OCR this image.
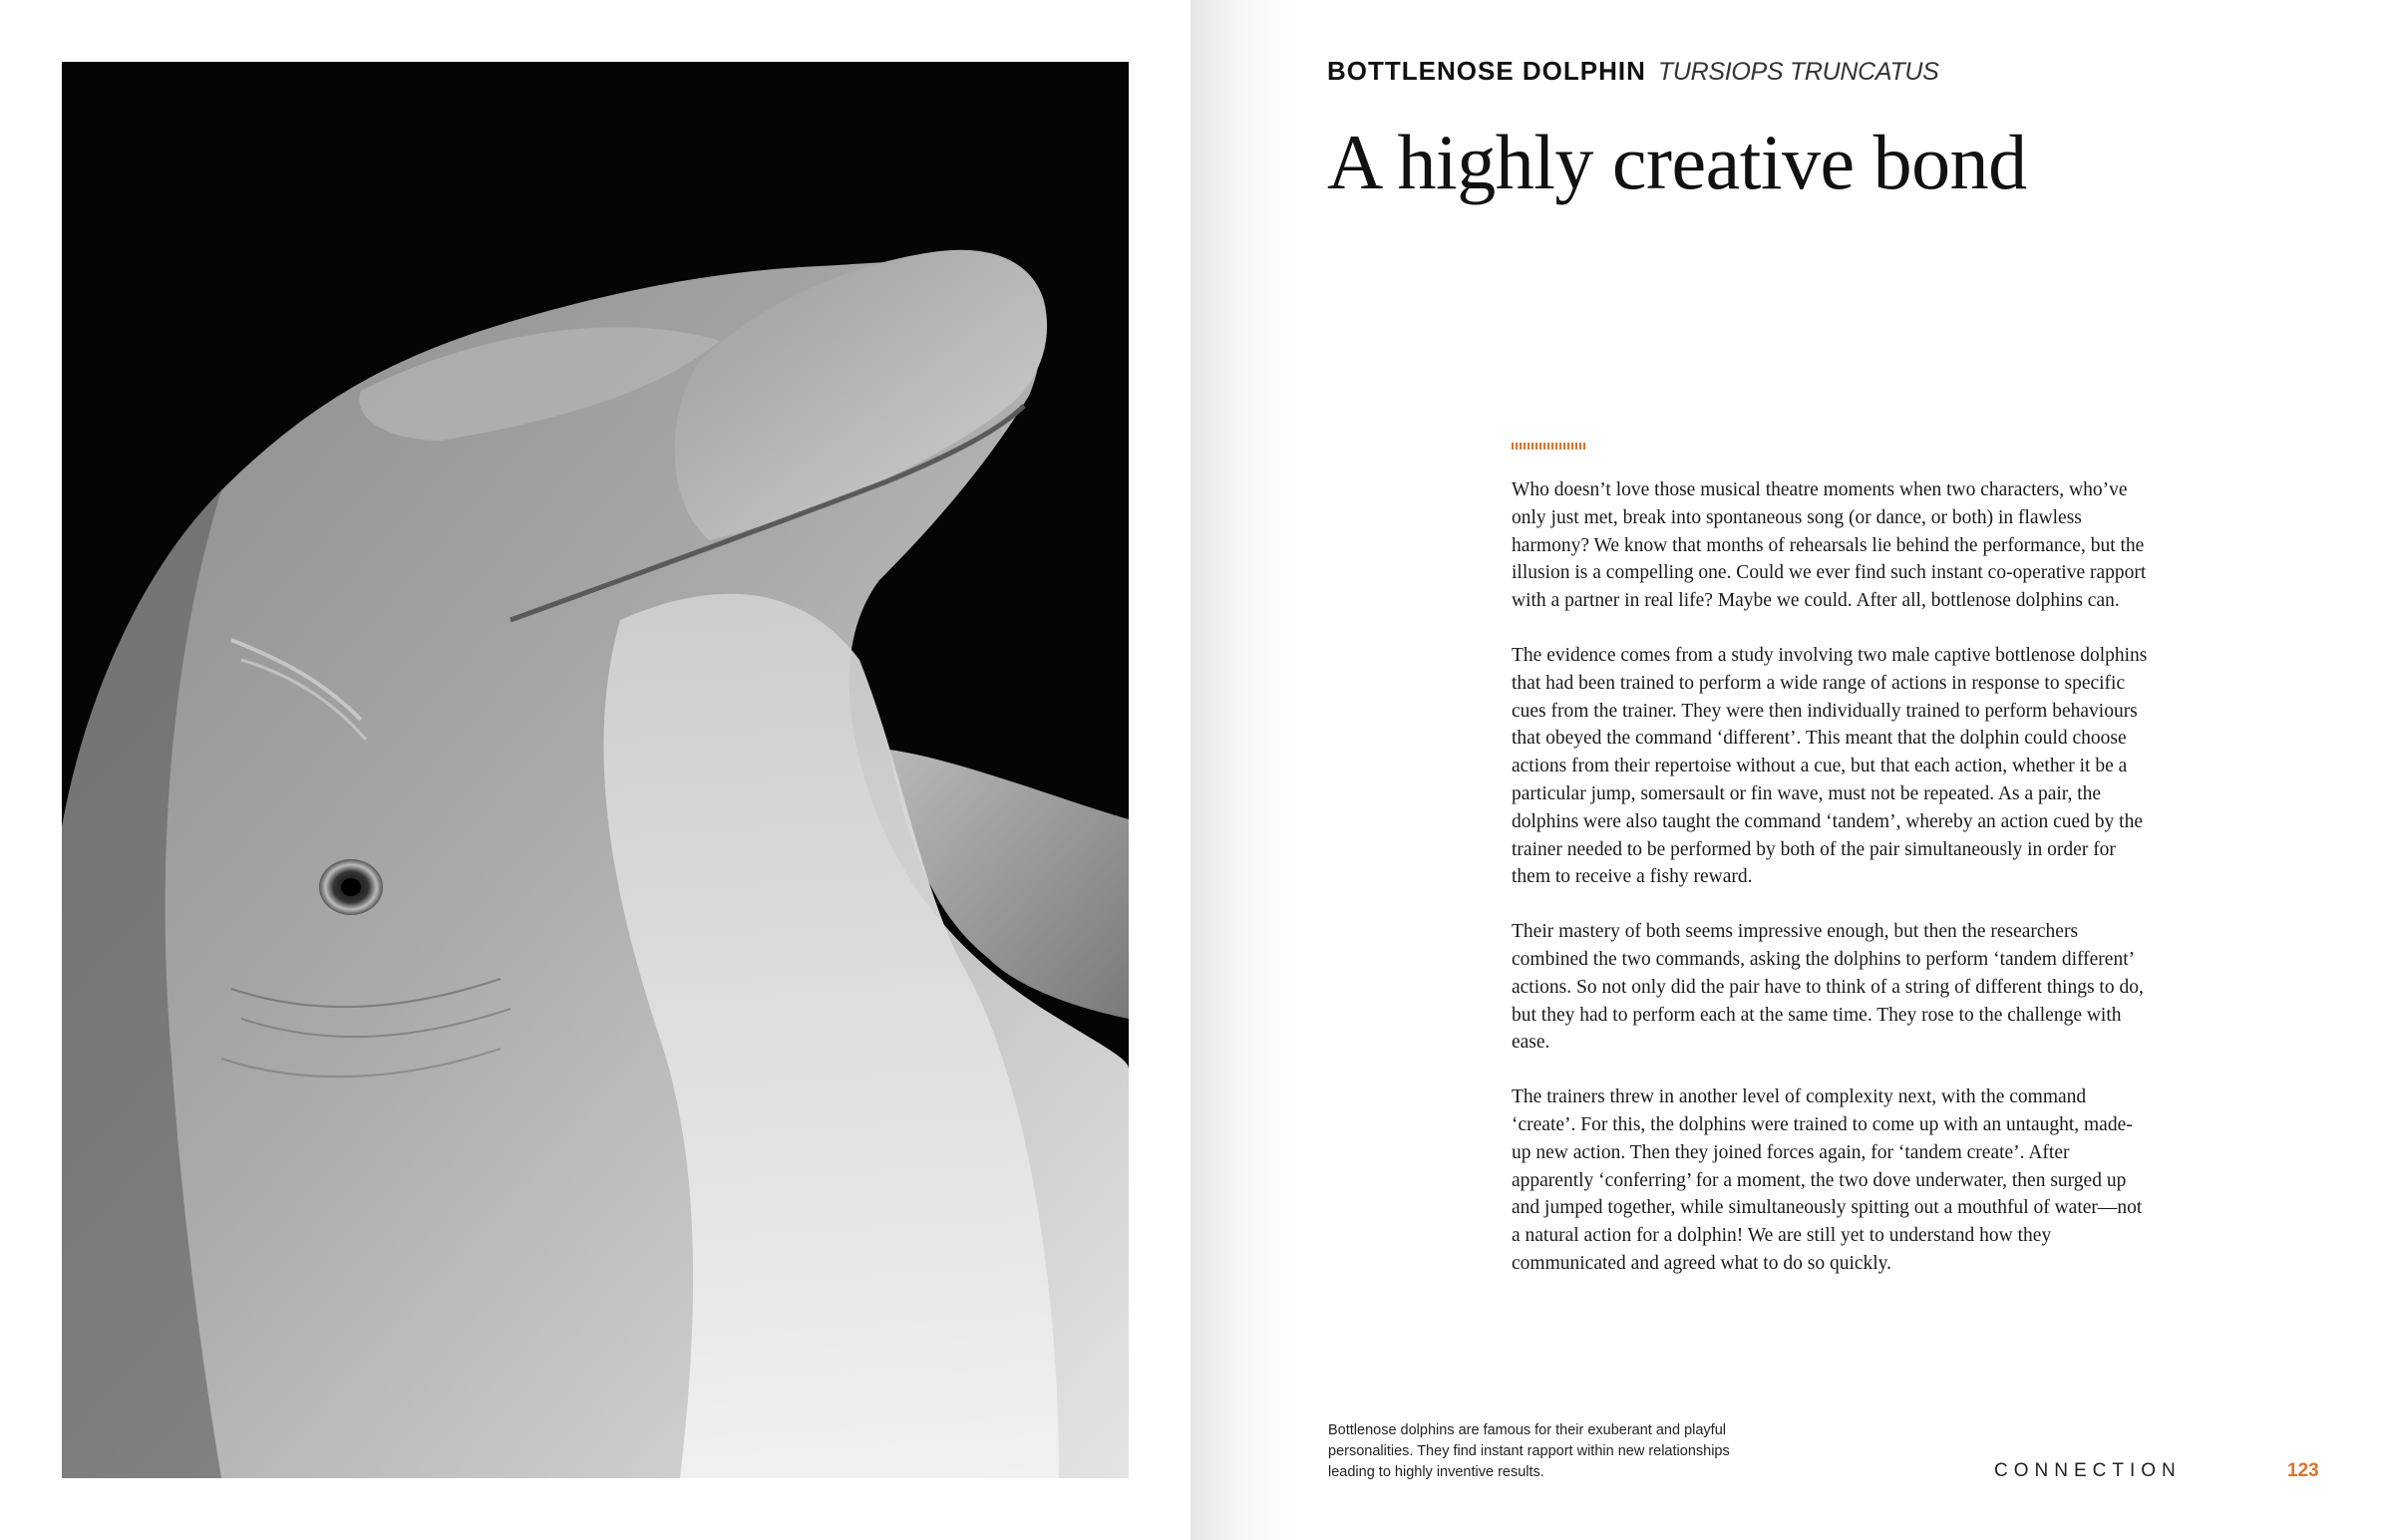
BOTTLENOSE DOLPHIN TURSIOPS TRUNCATUS
A highly creative bond

Who doesn’t love those musical theatre moments when two characters, who’ve only just met, break into spontaneous song (or dance, or both) in flawless harmony? We know that months of rehearsals lie behind the performance, but the illusion is a compelling one. Could we ever find such instant co-operative rapport with a partner in real life? Maybe we could. After all, bottlenose dolphins can.

The evidence comes from a study involving two male captive bottlenose dolphins that had been trained to perform a wide range of actions in response to specific cues from the trainer. They were then individually trained to perform behaviours that obeyed the command ‘different’. This meant that the dolphin could choose actions from their repertoise without a cue, but that each action, whether it be a particular jump, somersault or fin wave, must not be repeated. As a pair, the dolphins were also taught the command ‘tandem’, whereby an action cued by the trainer needed to be performed by both of the pair simultaneously in order for them to receive a fishy reward.

Their mastery of both seems impressive enough, but then the researchers combined the two commands, asking the dolphins to perform ‘tandem different’ actions. So not only did the pair have to think of a string of different things to do, but they had to perform each at the same time. They rose to the challenge with ease.

The trainers threw in another level of complexity next, with the command ‘create’. For this, the dolphins were trained to come up with an untaught, made-up new action. Then they joined forces again, for ‘tandem create’. After apparently ‘conferring’ for a moment, the two dove underwater, then surged up and jumped together, while simultaneously spitting out a mouthful of water—not a natural action for a dolphin! We are still yet to understand how they communicated and agreed what to do so quickly.

Bottlenose dolphins are famous for their exuberant and playful personalities. They find instant rapport within new relationships leading to highly inventive results.	CONNECTION	123
